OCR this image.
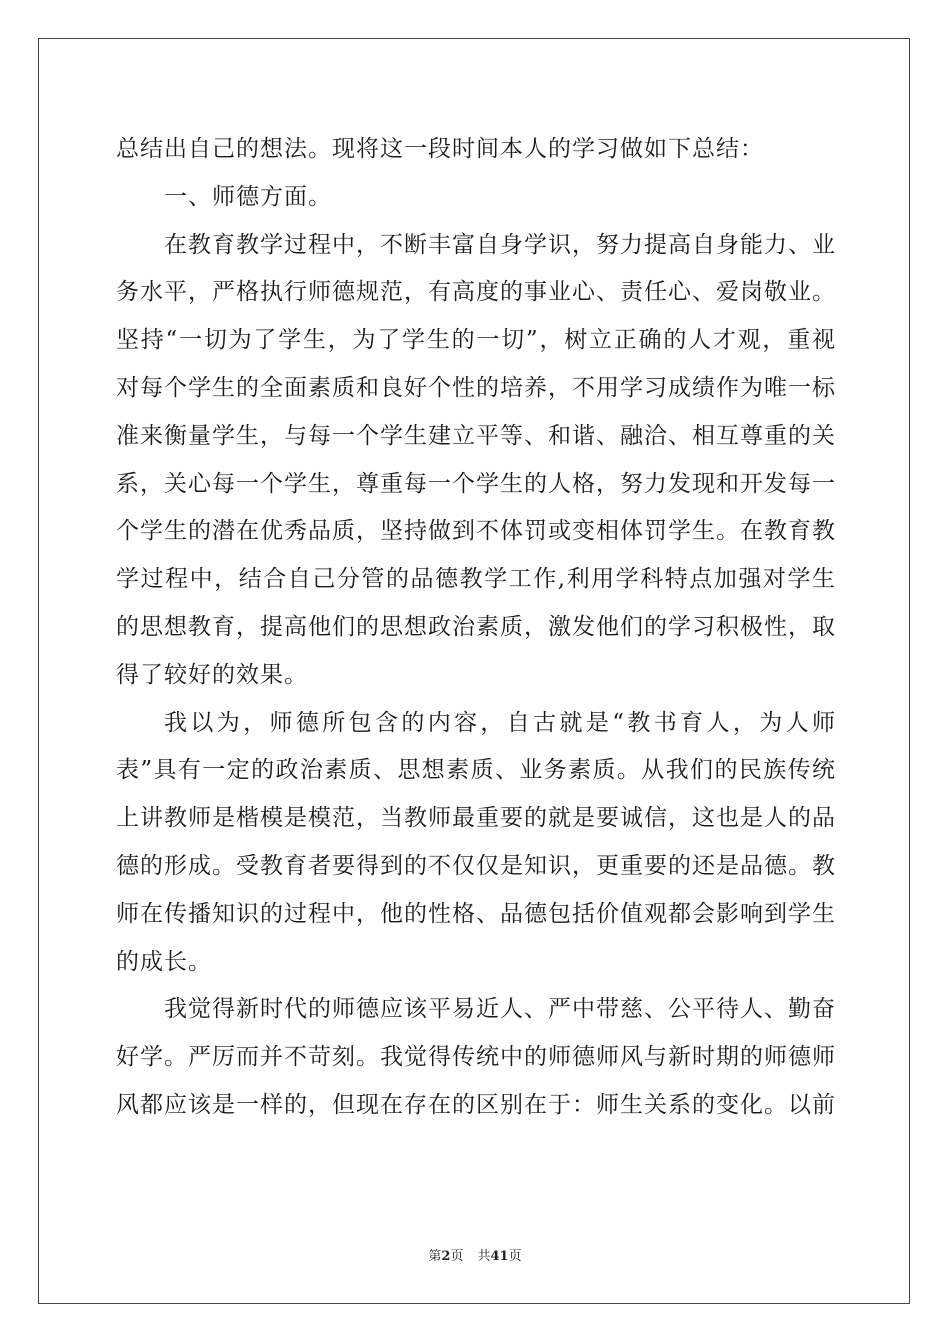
总结出自己的想法。现将这一段时间本人的学习做如下总结：

一、师德方面。

在教育教学过程中，不断丰富自身学识，努力提高自身能力、业务水平，严格执行师德规范，有高度的事业心、责任心、爱岗敬业。坚持“一切为了学生，为了学生的一切”，树立正确的人才观，重视对每个学生的全面素质和良好个性的培养，不用学习成绩作为唯一标准来衡量学生，与每一个学生建立平等、和谐、融洽、相互尊重的关系，关心每一个学生，尊重每一个学生的人格，努力发现和开发每一个学生的潜在优秀品质，坚持做到不体罚或变相体罚学生。在教育教学过程中，结合自己分管的品德教学工作,利用学科特点加强对学生的思想教育，提高他们的思想政治素质，激发他们的学习积极性，取得了较好的效果。

我以为，师德所包含的内容，自古就是“教书育人，为人师表”具有一定的政治素质、思想素质、业务素质。从我们的民族传统上讲教师是楷模是模范，当教师最重要的就是要诚信，这也是人的品德的形成。受教育者要得到的不仅仅是知识，更重要的还是品德。教师在传播知识的过程中，他的性格、品德包括价值观都会影响到学生的成长。

我觉得新时代的师德应该平易近人、严中带慈、公平待人、勤奋好学。严厉而并不苛刻。我觉得传统中的师德师风与新时期的师德师风都应该是一样的，但现在存在的区别在于：师生关系的变化。以前

第2页 共41页
